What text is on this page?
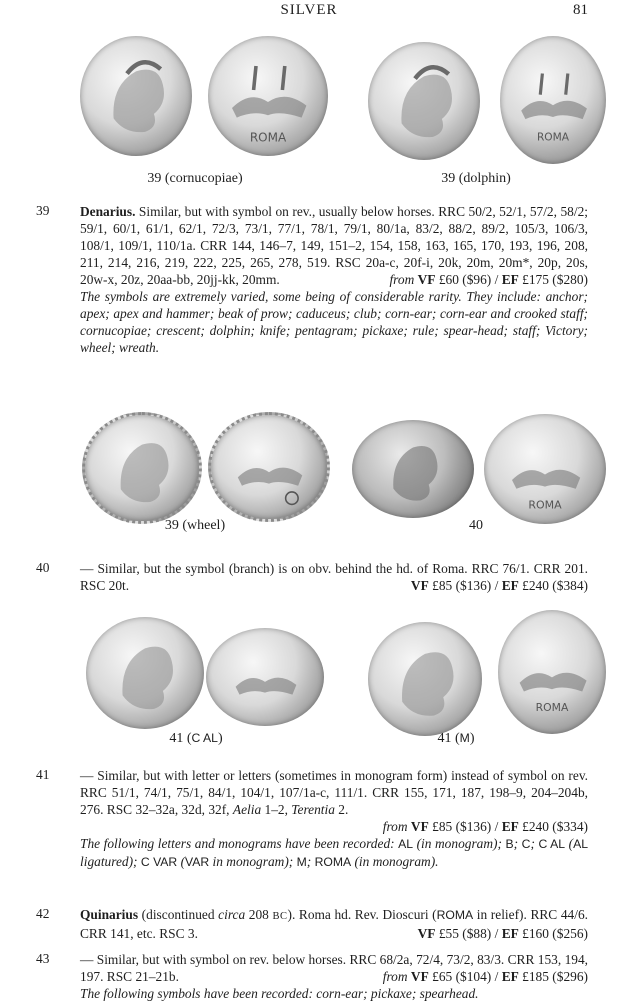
SILVER	81
ROMA	ROMA
39 (cornucopiae)	39 (dolphin)
39 Denarius. Similar, but with symbol on rev., usually below horses. RRC 50/2, 52/1, 57/2, 58/2; 59/1, 60/1, 61/1, 62/1, 72/3, 73/1, 77/1, 78/1, 79/1, 80/1a, 83/2, 88/2, 89/2, 105/3, 106/3, 108/1, 109/1, 110/1a. CRR 144, 146–7, 149, 151–2, 154, 158, 163, 165, 170, 193, 196, 208, 211, 214, 216, 219, 222, 225, 265, 278, 519. RSC 20a-c, 20f-i, 20k, 20m, 20m*, 20p, 20s, 20w-x, 20z, 20aa-bb, 20jj-kk, 20mm.	from VF £60 ($96) / EF £175 ($280)

The symbols are extremely varied, some being of considerable rarity. They include: anchor; apex; apex and hammer; beak of prow; caduceus; club; corn-ear; corn-ear and crooked staff; cornucopiae; crescent; dolphin; knife; pentagram; pickaxe; rule; spear-head; staff; Victory; wheel; wreath.

ROMA
39 (wheel)	40
40 — Similar, but the symbol (branch) is on obv. behind the hd. of Roma. RRC 76/1. CRR 201. RSC 20t.	VF £85 ($136) / EF £240 ($384)

ROMA
41 (C AL)	41 (M)
41 — Similar, but with letter or letters (sometimes in monogram form) instead of symbol on rev. RRC 51/1, 74/1, 75/1, 84/1, 104/1, 107/1a-c, 111/1. CRR 155, 171, 187, 198–9, 204–204b, 276. RSC 32–32a, 32d, 32f, Aelia 1–2, Terentia 2.

from VF £85 ($136) / EF £240 ($334)

The following letters and monograms have been recorded: AL (in monogram); B; C; C AL (AL ligatured); C VAR (VAR in monogram); M; ROMA (in monogram).

42 Quinarius (discontinued circa 208 BC). Roma hd. Rev. Dioscuri (ROMA in relief). RRC 44/6. CRR 141, etc. RSC 3.	VF £55 ($88) / EF £160 ($256)

43 — Similar, but with symbol on rev. below horses. RRC 68/2a, 72/4, 73/2, 83/3. CRR 153, 194, 197. RSC 21–21b.	from VF £65 ($104) / EF £185 ($296)

The following symbols have been recorded: corn-ear; pickaxe; spearhead.
